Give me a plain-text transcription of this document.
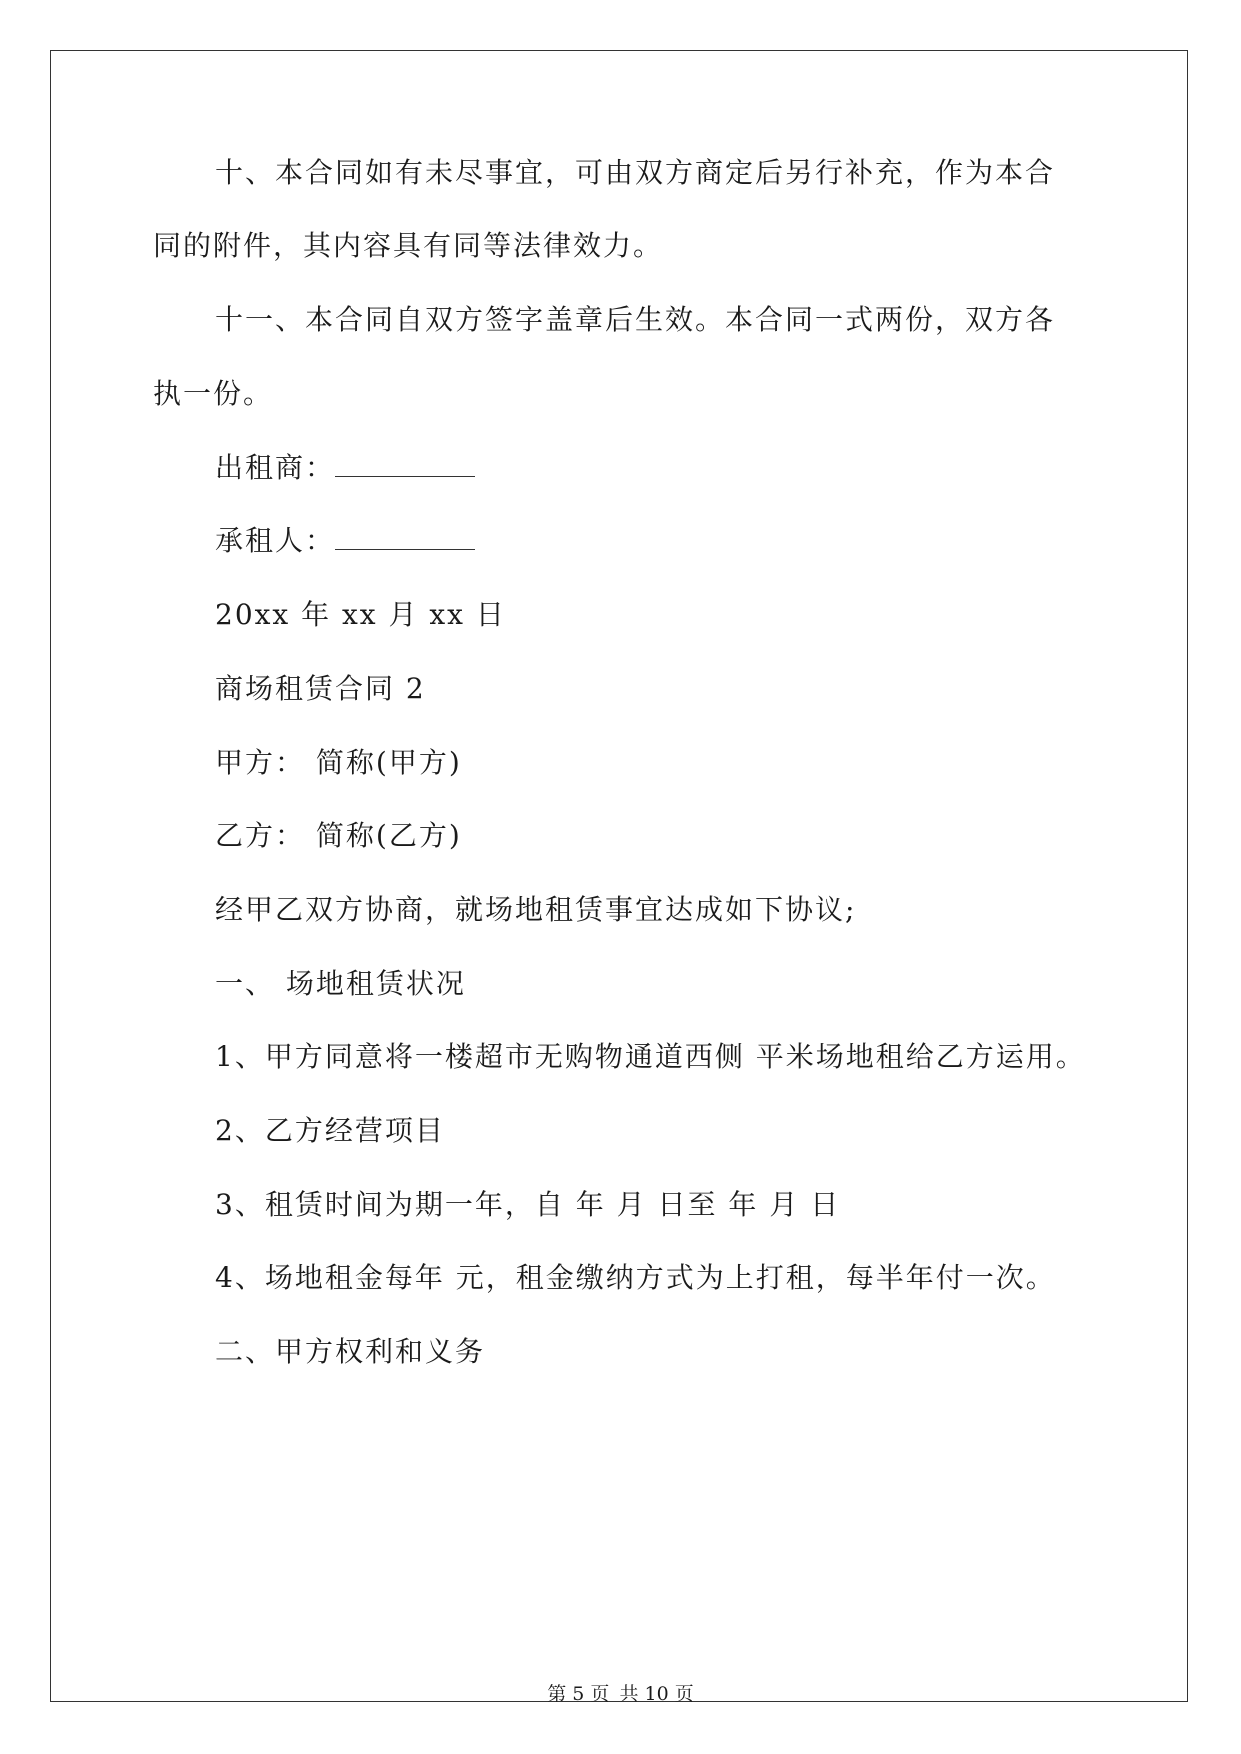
十、本合同如有未尽事宜，可由双方商定后另行补充，作为本合
同的附件，其内容具有同等法律效力。
十一、本合同自双方签字盖章后生效。本合同一式两份，双方各
执一份。
出租商：
承租人：
20xx 年 xx 月 xx 日
商场租赁合同 2
甲方： 简称(甲方)
乙方： 简称(乙方)
经甲乙双方协商，就场地租赁事宜达成如下协议;
一、 场地租赁状况
1、甲方同意将一楼超市无购物通道西侧 平米场地租给乙方运用。
2、乙方经营项目
3、租赁时间为期一年，自 年 月 日至 年 月 日
4、场地租金每年 元，租金缴纳方式为上打租，每半年付一次。
二、甲方权利和义务
第 5 页 共 10 页
